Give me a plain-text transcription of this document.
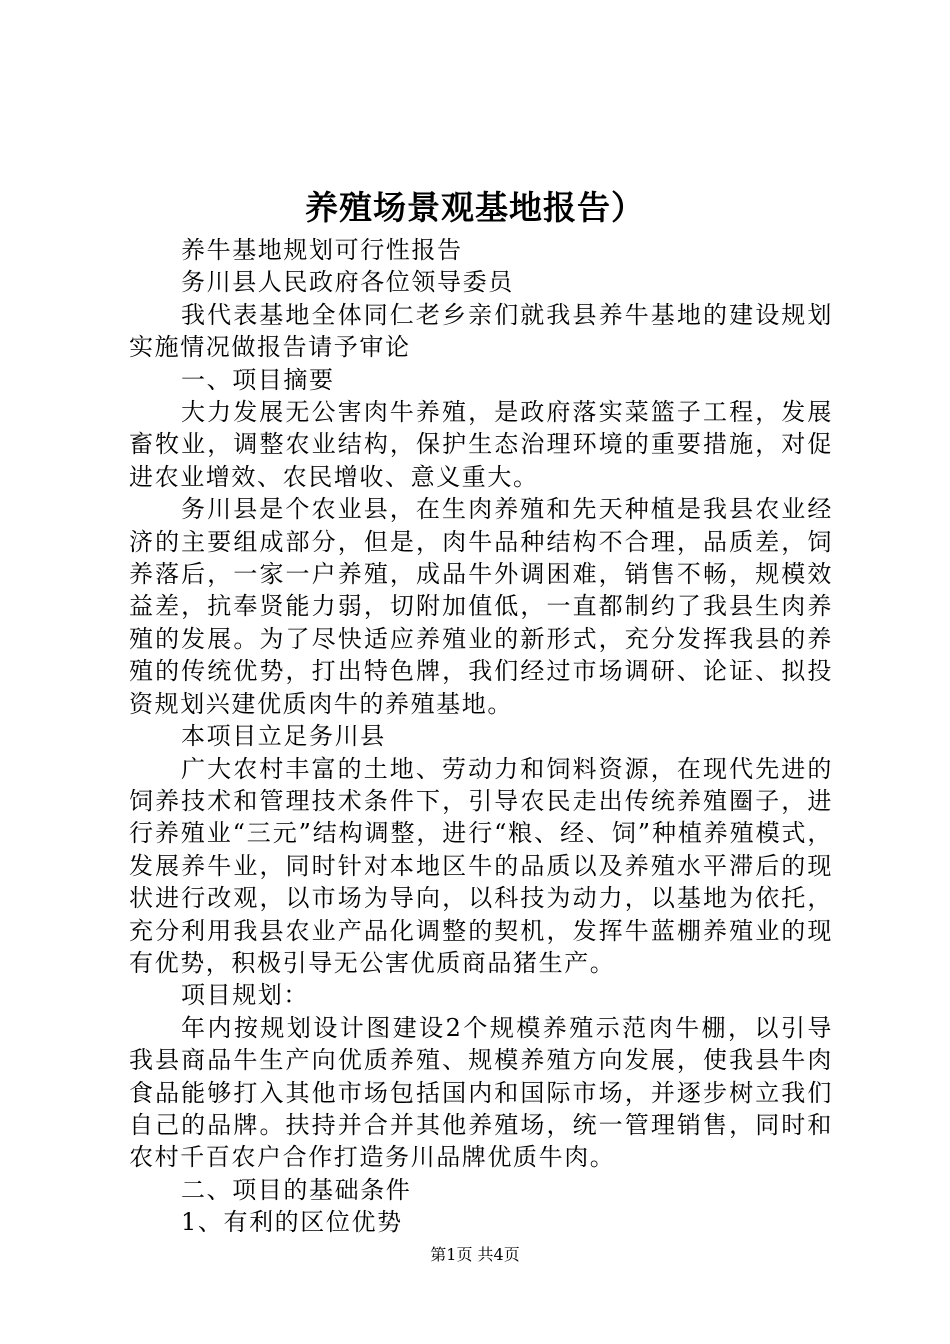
养殖场景观基地报告）

养牛基地规划可行性报告

务川县人民政府各位领导委员

我代表基地全体同仁老乡亲们就我县养牛基地的建设规划实施情况做报告请予审论

一、项目摘要

大力发展无公害肉牛养殖，是政府落实菜篮子工程，发展畜牧业，调整农业结构，保护生态治理环境的重要措施，对促进农业增效、农民增收、意义重大。

务川县是个农业县，在生肉养殖和先天种植是我县农业经济的主要组成部分，但是，肉牛品种结构不合理，品质差，饲养落后，一家一户养殖，成品牛外调困难，销售不畅，规模效益差，抗奉贤能力弱，切附加值低，一直都制约了我县生肉养殖的发展。为了尽快适应养殖业的新形式，充分发挥我县的养殖的传统优势，打出特色牌，我们经过市场调研、论证、拟投资规划兴建优质肉牛的养殖基地。

本项目立足务川县

广大农村丰富的土地、劳动力和饲料资源，在现代先进的饲养技术和管理技术条件下，引导农民走出传统养殖圈子，进行养殖业“三元”结构调整，进行“粮、经、饲”种植养殖模式，发展养牛业，同时针对本地区牛的品质以及养殖水平滞后的现状进行改观，以市场为导向，以科技为动力，以基地为依托，充分利用我县农业产品化调整的契机，发挥牛蓝棚养殖业的现有优势，积极引导无公害优质商品猪生产。

项目规划：

年内按规划设计图建设2个规模养殖示范肉牛棚，以引导我县商品牛生产向优质养殖、规模养殖方向发展，使我县牛肉食品能够打入其他市场包括国内和国际市场，并逐步树立我们自己的品牌。扶持并合并其他养殖场，统一管理销售，同时和农村千百农户合作打造务川品牌优质牛肉。

二、项目的基础条件

1、有利的区位优势

第1页 共4页
